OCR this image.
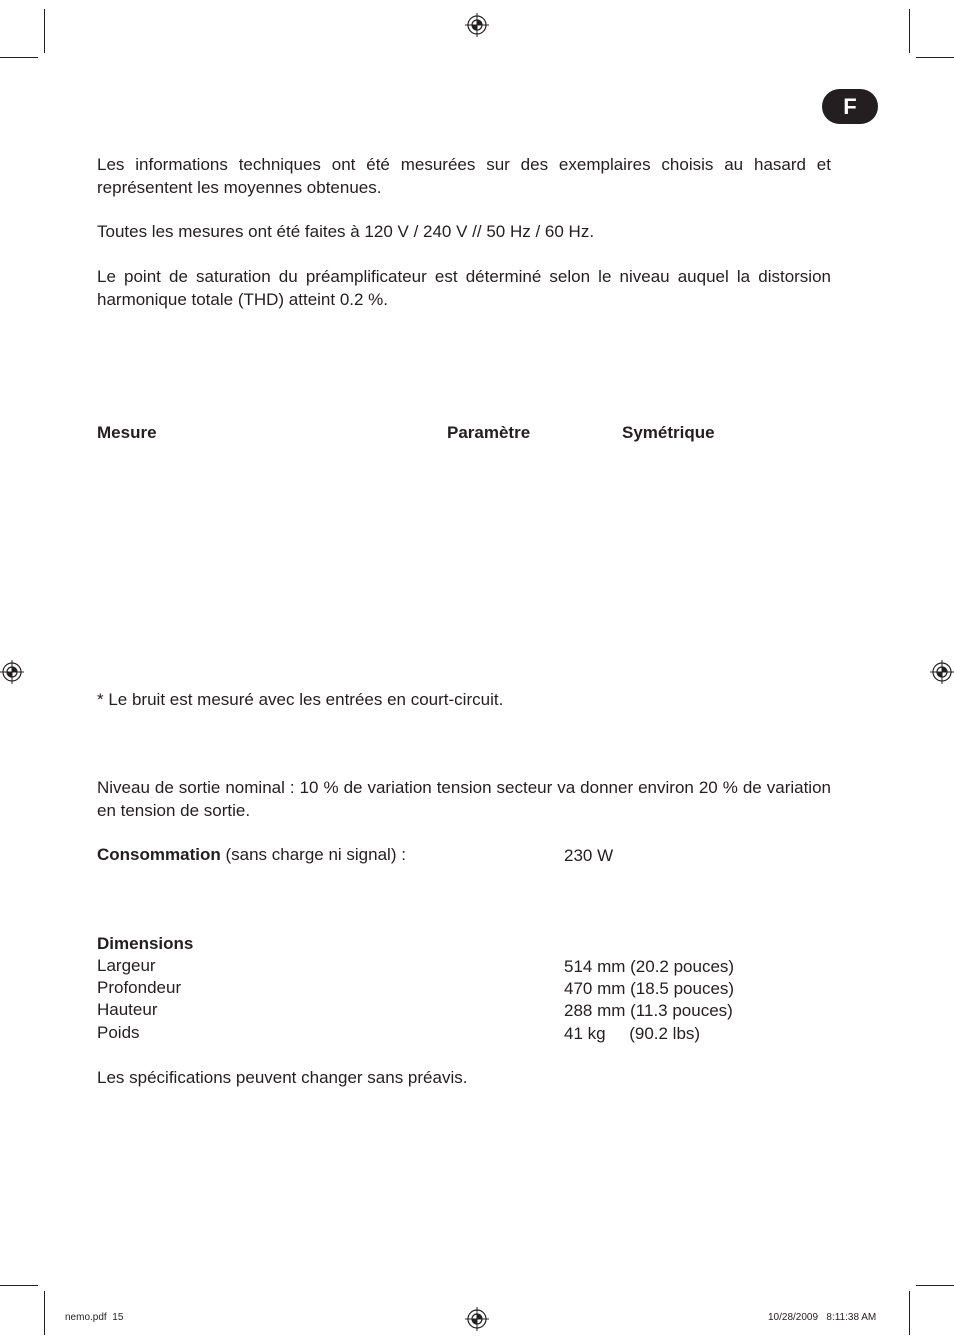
F

Les informations techniques ont été mesurées sur des exemplaires choisis au hasard et représentent les moyennes obtenues.

Toutes les mesures ont été faites à 120 V / 240 V // 50 Hz / 60 Hz.

Le point de saturation du préamplificateur est déterminé selon le niveau auquel la distorsion harmonique totale (THD) atteint 0.2 %.

Mesure	Paramètre	Symétrique

* Le bruit est mesuré avec les entrées en court-circuit.

Niveau de sortie nominal : 10 % de variation tension secteur va donner environ 20 % de variation en tension de sortie.

Consommation (sans charge ni signal) :	230 W
Dimensions
Largeur	514 mm (20.2 pouces)
Profondeur	470 mm (18.5 pouces)
Hauteur	288 mm (11.3 pouces)
Poids	41 kg     (90.2 lbs)

Les spécifications peuvent changer sans préavis.

nemo.pdf  15	10/28/2009   8:11:38 AM
